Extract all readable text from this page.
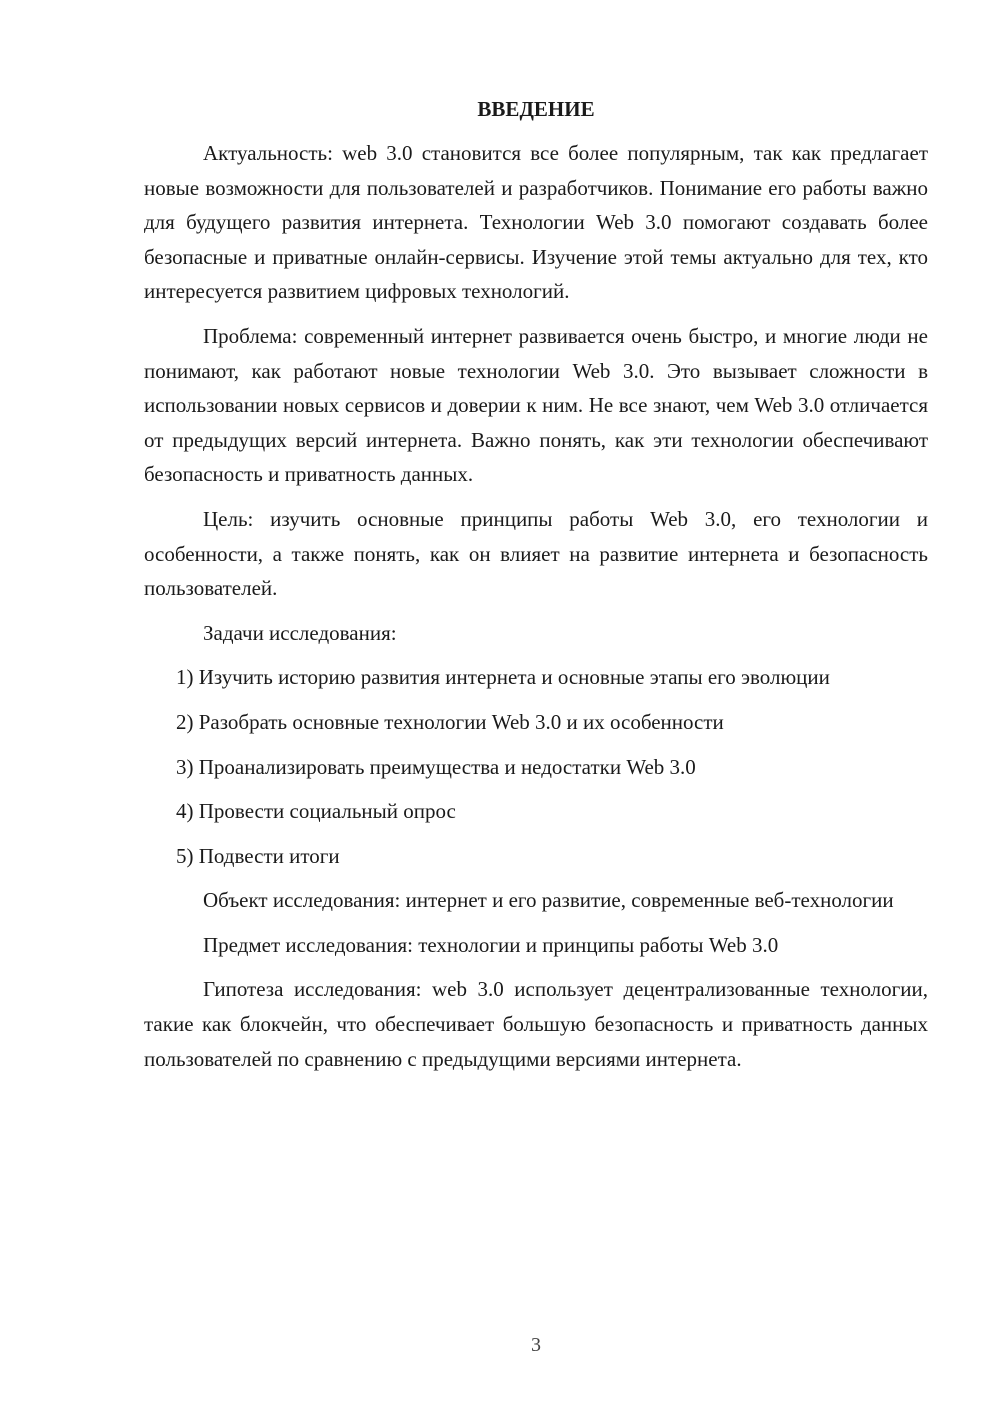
ВВЕДЕНИЕ

Актуальность: web 3.0 становится все более популярным, так как предлагает новые возможности для пользователей и разработчиков. Понимание его работы важно для будущего развития интернета. Технологии Web 3.0 помогают создавать более безопасные и приватные онлайн-сервисы. Изучение этой темы актуально для тех, кто интересуется развитием цифровых технологий.

Проблема: современный интернет развивается очень быстро, и многие люди не понимают, как работают новые технологии Web 3.0. Это вызывает сложности в использовании новых сервисов и доверии к ним. Не все знают, чем Web 3.0 отличается от предыдущих версий интернета. Важно понять, как эти технологии обеспечивают безопасность и приватность данных.

Цель: изучить основные принципы работы Web 3.0, его технологии и особенности, а также понять, как он влияет на развитие интернета и безопасность пользователей.

Задачи исследования:

1) Изучить историю развития интернета и основные этапы его эволюции

2) Разобрать основные технологии Web 3.0 и их особенности

3) Проанализировать преимущества и недостатки Web 3.0

4) Провести социальный опрос

5) Подвести итоги

Объект исследования: интернет и его развитие, современные веб-технологии

Предмет исследования: технологии и принципы работы Web 3.0

Гипотеза исследования: web 3.0 использует децентрализованные технологии, такие как блокчейн, что обеспечивает большую безопасность и приватность данных пользователей по сравнению с предыдущими версиями интернета.

3
